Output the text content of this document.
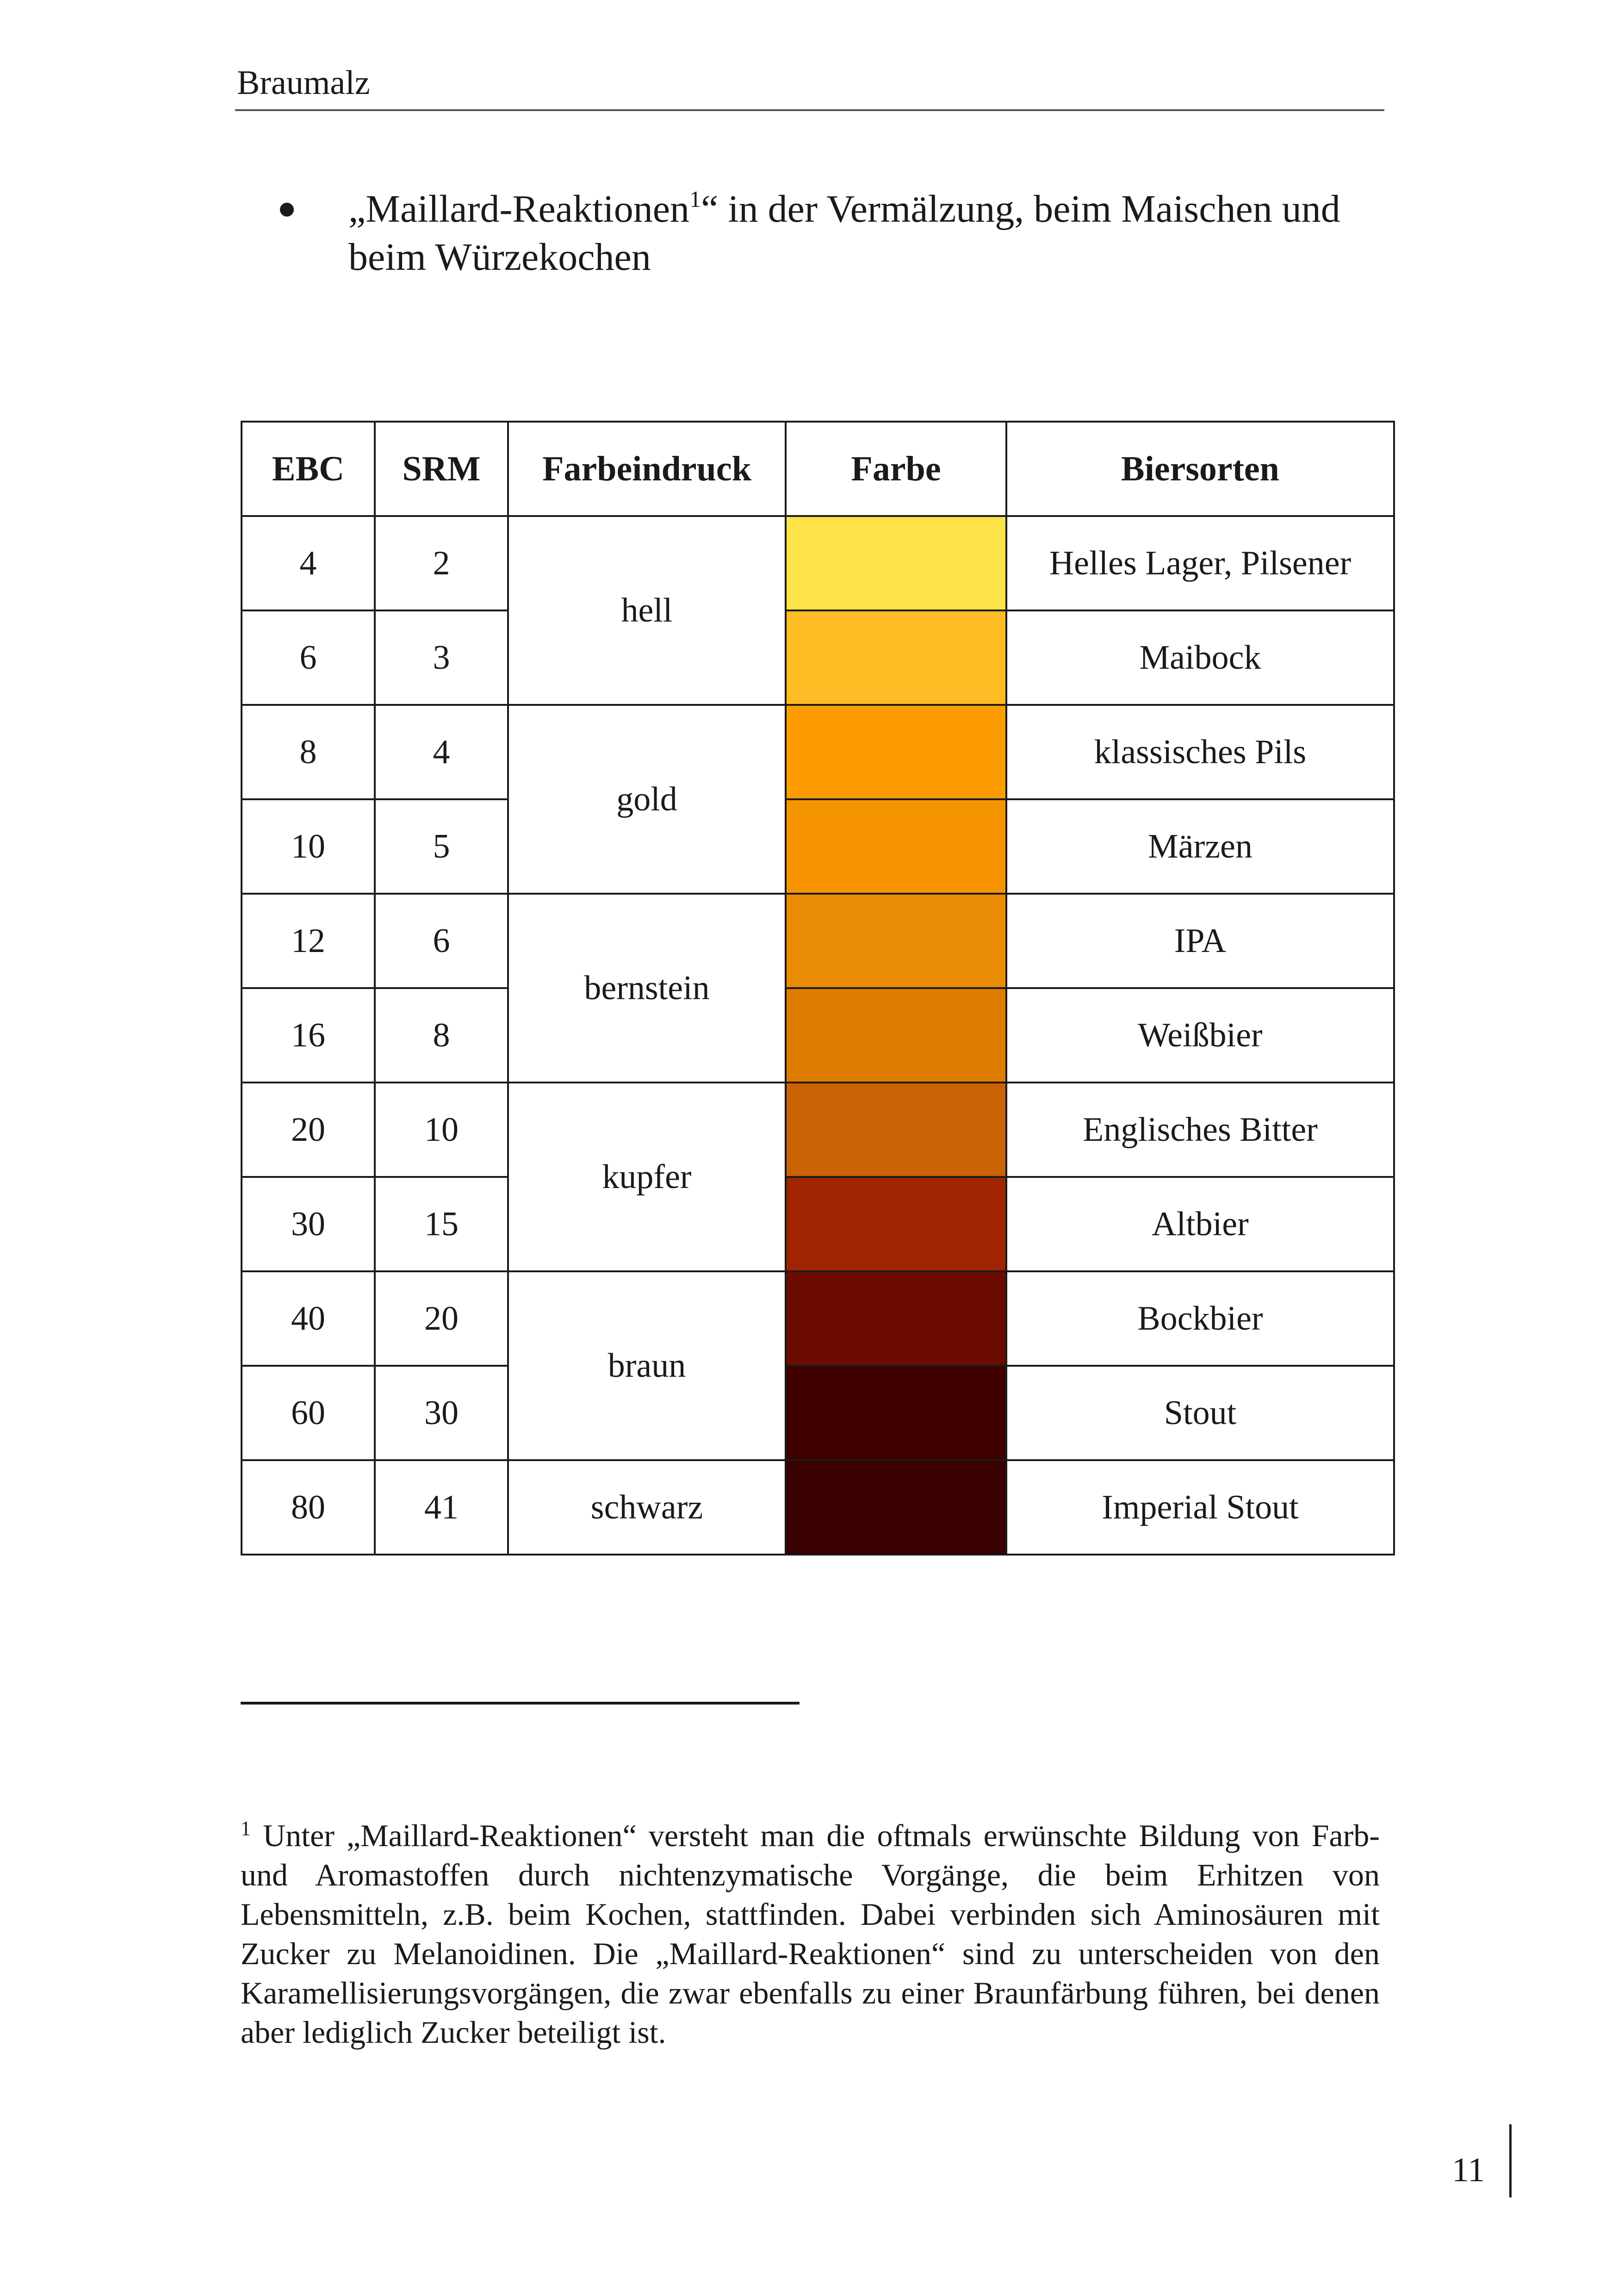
Braumalz
„Maillard-Reaktionen$^1$“ in der Vermälzung, beim Maischen und beim Würzekochen
EBC	SRM	Farbeindruck	Farbe	Biersorten
4	2	hell		Helles Lager, Pilsener
6	3			Maibock
8	4	gold		klassisches Pils
10	5			Märzen
12	6	bernstein		IPA
16	8			Weißbier
20	10	kupfer		Englisches Bitter
30	15			Altbier
40	20	braun		Bockbier
60	30			Stout
80	41	schwarz		Imperial Stout
$^1$ Unter „Maillard-Reaktionen“ versteht man die oftmals erwünschte Bildung von Farb- und Aromastoffen durch nichtenzymatische Vorgänge, die beim Erhitzen von Lebensmitteln, z.B. beim Kochen, stattfinden. Dabei verbinden sich Aminosäuren mit Zucker zu Melanoidinen. Die „Maillard-Reaktionen“ sind zu unterscheiden von den Karamellisierungsvorgängen, die zwar ebenfalls zu einer Braunfärbung führen, bei denen aber lediglich Zucker beteiligt ist.
11
